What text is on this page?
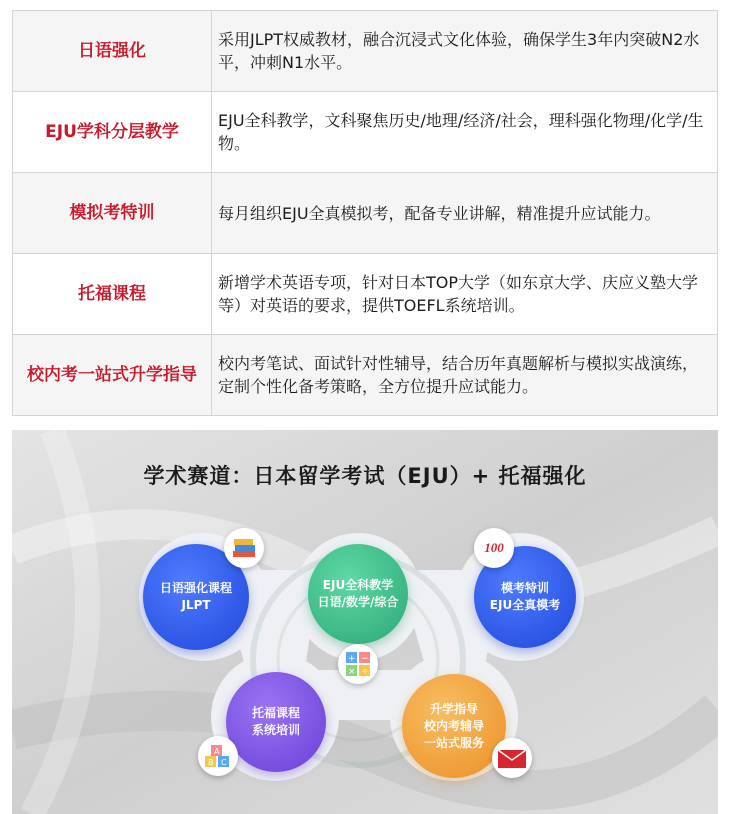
日语强化	采用JLPT权威教材，融合沉浸式文化体验，确保学生3年内突破N2水平，冲刺N1水平。
EJU学科分层教学	EJU全科教学，文科聚焦历史/地理/经济/社会，理科强化物理/化学/生物。
模拟考特训	每月组织EJU全真模拟考，配备专业讲解，精准提升应试能力。
托福课程	新增学术英语专项，针对日本TOP大学（如东京大学、庆应义塾大学等）对英语的要求，提供TOEFL系统培训。
校内考一站式升学指导	校内考笔试、面试针对性辅导，结合历年真题解析与模拟实战演练，定制个性化备考策略，全方位提升应试能力。
学术赛道：日本留学考试（EJU）+ 托福强化
日语强化课程
JLPT
EJU全科教学
日语/数学/综合
+ −
× ÷
模考特训
EJU全真模考
100
托福课程
系统培训
A
B C
升学指导
校内考辅导
一站式服务
